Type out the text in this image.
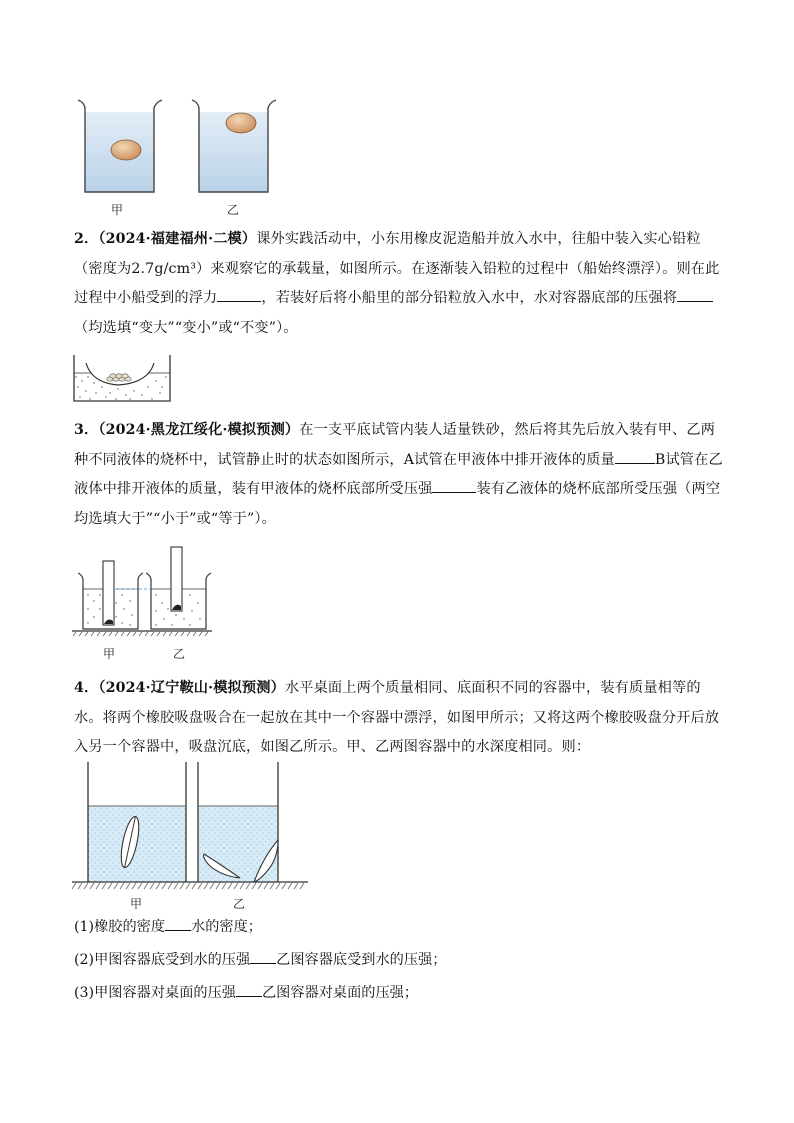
甲	乙
2．（2024·福建福州·二模）课外实践活动中，小东用橡皮泥造船并放入水中，往船中装入实心铅粒（密度为2.7g/cm³）来观察它的承载量，如图所示。在逐渐装入铅粒的过程中（船始终漂浮）。则在此过程中小船受到的浮力	，若装好后将小船里的部分铅粒放入水中，水对容器底部的压强将（均选填“变大”“变小”或“不变”）。
3．（2024·黑龙江绥化·模拟预测）在一支平底试管内装人适量铁砂，然后将其先后放入装有甲、乙两种不同液体的烧杯中，试管静止时的状态如图所示，A试管在甲液体中排开液体的质量	B试管在乙液体中排开液体的质量，装有甲液体的烧杯底部所受压强	装有乙液体的烧杯底部所受压强（两空均选填大于”“小于”或“等于”）。
甲	乙
4．（2024·辽宁鞍山·模拟预测）水平桌面上两个质量相同、底面积不同的容器中，装有质量相等的水。将两个橡胶吸盘吸合在一起放在其中一个容器中漂浮，如图甲所示；又将这两个橡胶吸盘分开后放入另一个容器中，吸盘沉底，如图乙所示。甲、乙两图容器中的水深度相同。则：
甲	乙
(1)橡胶的密度 水的密度；
(2)甲图容器底受到水的压强 乙图容器底受到水的压强；
(3)甲图容器对桌面的压强 乙图容器对桌面的压强；
